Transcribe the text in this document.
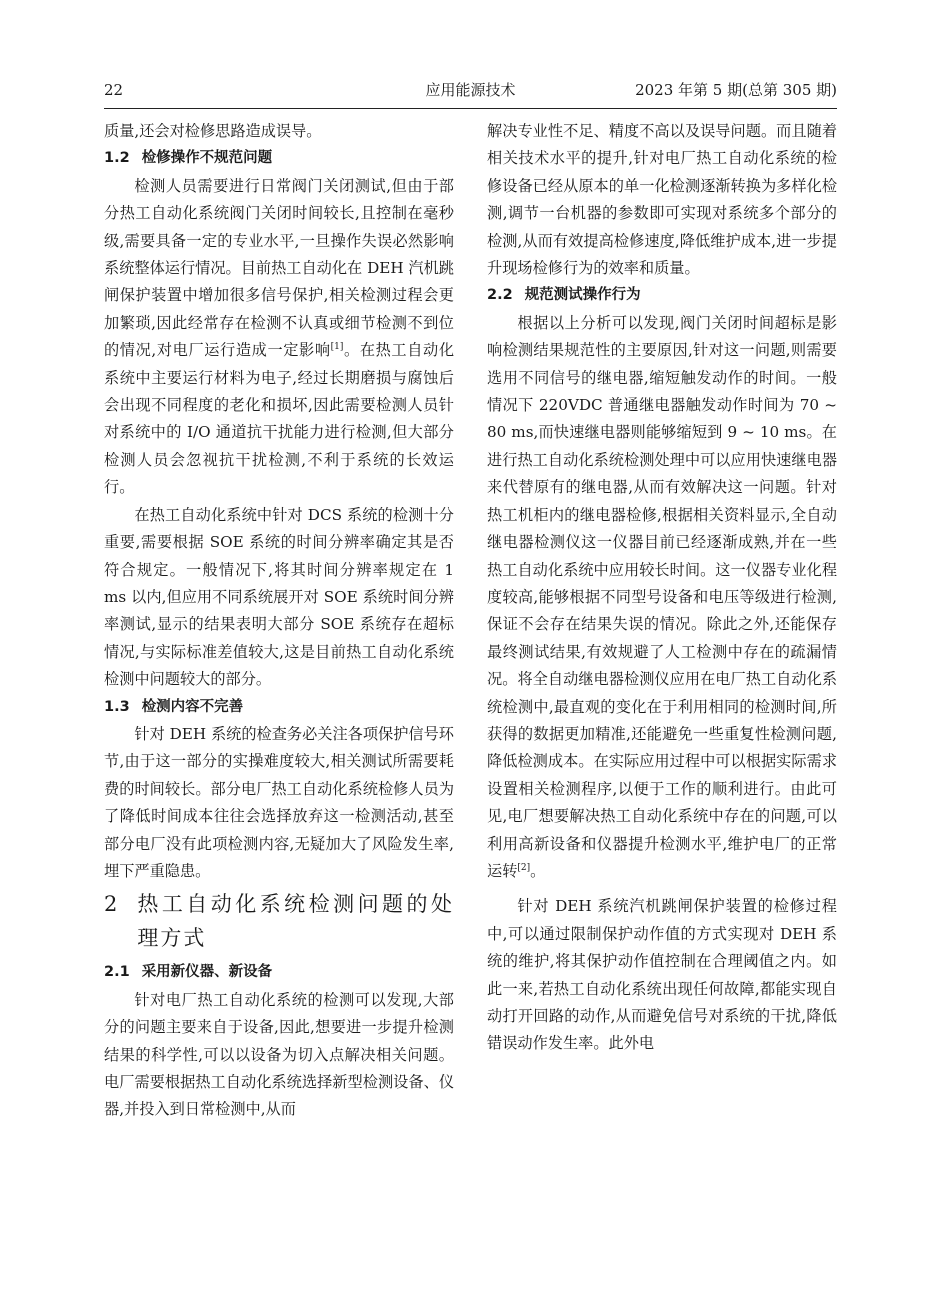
22	应用能源技术	2023 年第 5 期(总第 305 期)

质量,还会对检修思路造成误导。

1.2 检修操作不规范问题

检测人员需要进行日常阀门关闭测试,但由于部分热工自动化系统阀门关闭时间较长,且控制在毫秒级,需要具备一定的专业水平,一旦操作失误必然影响系统整体运行情况。目前热工自动化在 DEH 汽机跳闸保护装置中增加很多信号保护,相关检测过程会更加繁琐,因此经常存在检测不认真或细节检测不到位的情况,对电厂运行造成一定影响[1]。在热工自动化系统中主要运行材料为电子,经过长期磨损与腐蚀后会出现不同程度的老化和损坏,因此需要检测人员针对系统中的 I/O 通道抗干扰能力进行检测,但大部分检测人员会忽视抗干扰检测,不利于系统的长效运行。

在热工自动化系统中针对 DCS 系统的检测十分重要,需要根据 SOE 系统的时间分辨率确定其是否符合规定。一般情况下,将其时间分辨率规定在 1 ms 以内,但应用不同系统展开对 SOE 系统时间分辨率测试,显示的结果表明大部分 SOE 系统存在超标情况,与实际标准差值较大,这是目前热工自动化系统检测中问题较大的部分。

1.3 检测内容不完善

针对 DEH 系统的检查务必关注各项保护信号环节,由于这一部分的实操难度较大,相关测试所需要耗费的时间较长。部分电厂热工自动化系统检修人员为了降低时间成本往往会选择放弃这一检测活动,甚至部分电厂没有此项检测内容,无疑加大了风险发生率,埋下严重隐患。

2 热工自动化系统检测问题的处理方式
2.1 采用新仪器、新设备

针对电厂热工自动化系统的检测可以发现,大部分的问题主要来自于设备,因此,想要进一步提升检测结果的科学性,可以以设备为切入点解决相关问题。电厂需要根据热工自动化系统选择新型检测设备、仪器,并投入到日常检测中,从而

解决专业性不足、精度不高以及误导问题。而且随着相关技术水平的提升,针对电厂热工自动化系统的检修设备已经从原本的单一化检测逐渐转换为多样化检测,调节一台机器的参数即可实现对系统多个部分的检测,从而有效提高检修速度,降低维护成本,进一步提升现场检修行为的效率和质量。

2.2 规范测试操作行为

根据以上分析可以发现,阀门关闭时间超标是影响检测结果规范性的主要原因,针对这一问题,则需要选用不同信号的继电器,缩短触发动作的时间。一般情况下 220VDC 普通继电器触发动作时间为 70 ~ 80 ms,而快速继电器则能够缩短到 9 ~ 10 ms。在进行热工自动化系统检测处理中可以应用快速继电器来代替原有的继电器,从而有效解决这一问题。针对热工机柜内的继电器检修,根据相关资料显示,全自动继电器检测仪这一仪器目前已经逐渐成熟,并在一些热工自动化系统中应用较长时间。这一仪器专业化程度较高,能够根据不同型号设备和电压等级进行检测,保证不会存在结果失误的情况。除此之外,还能保存最终测试结果,有效规避了人工检测中存在的疏漏情况。将全自动继电器检测仪应用在电厂热工自动化系统检测中,最直观的变化在于利用相同的检测时间,所获得的数据更加精准,还能避免一些重复性检测问题,降低检测成本。在实际应用过程中可以根据实际需求设置相关检测程序,以便于工作的顺利进行。由此可见,电厂想要解决热工自动化系统中存在的问题,可以利用高新设备和仪器提升检测水平,维护电厂的正常运转[2]。

针对 DEH 系统汽机跳闸保护装置的检修过程中,可以通过限制保护动作值的方式实现对 DEH 系统的维护,将其保护动作值控制在合理阈值之内。如此一来,若热工自动化系统出现任何故障,都能实现自动打开回路的动作,从而避免信号对系统的干扰,降低错误动作发生率。此外电
